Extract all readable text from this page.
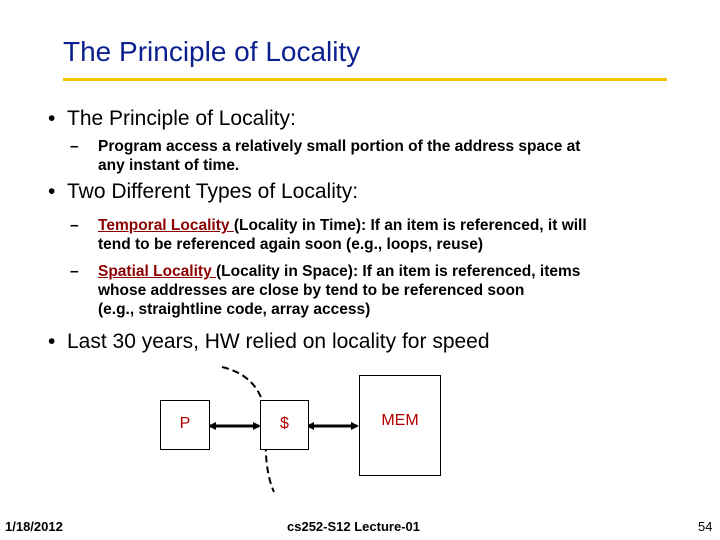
The Principle of Locality
• The Principle of Locality:
– Program access a relatively small portion of the address space at
any instant of time.
• Two Different Types of Locality:
– Temporal Locality (Locality in Time): If an item is referenced, it will
tend to be referenced again soon (e.g., loops, reuse)
– Spatial Locality (Locality in Space): If an item is referenced, items
whose addresses are close by tend to be referenced soon
(e.g., straightline code, array access)
• Last 30 years, HW relied on locality for speed
P	$	MEM
1/18/2012	cs252-S12 Lecture-01	54
